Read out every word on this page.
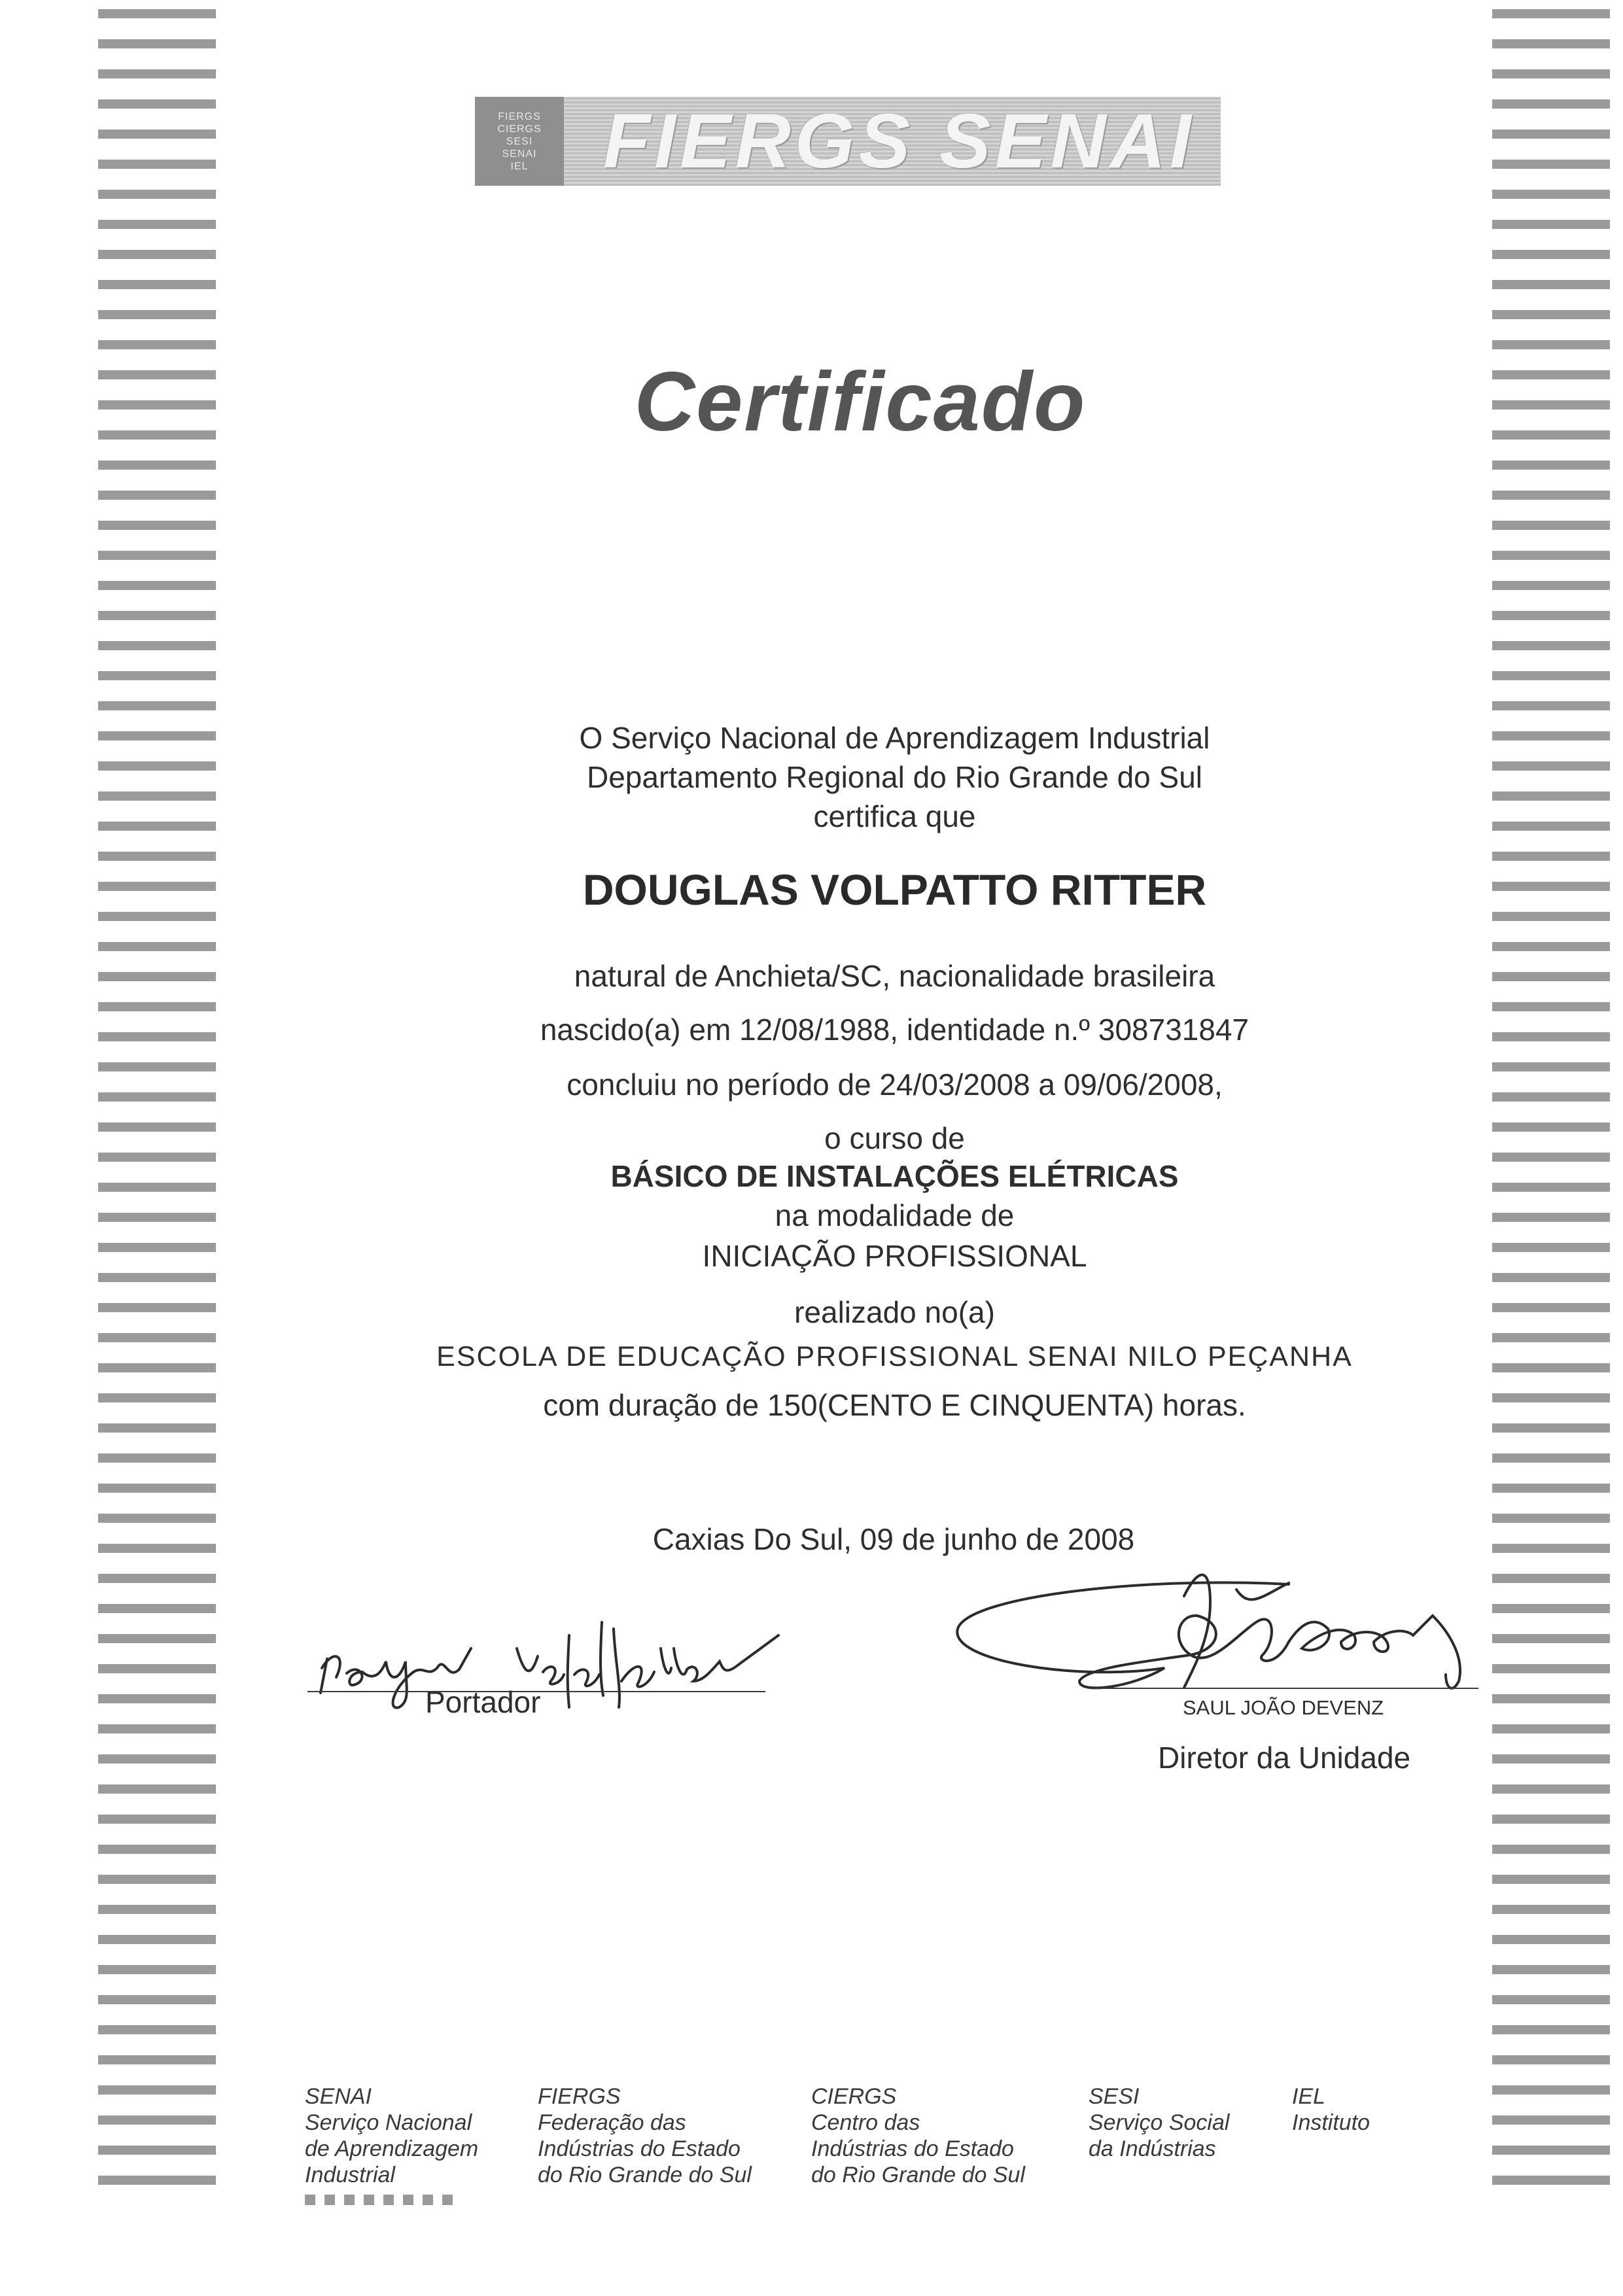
FIERGS
CIERGS
SESI
SENAI
IEL FIERGS SENAI
Certificado
O Serviço Nacional de Aprendizagem Industrial
Departamento Regional do Rio Grande do Sul
certifica que
DOUGLAS VOLPATTO RITTER
natural de Anchieta/SC, nacionalidade brasileira
nascido(a) em 12/08/1988, identidade n.º 308731847
concluiu no período de 24/03/2008 a 09/06/2008,
o curso de
BÁSICO DE INSTALAÇÕES ELÉTRICAS
na modalidade de
INICIAÇÃO PROFISSIONAL
realizado no(a)
ESCOLA DE EDUCAÇÃO PROFISSIONAL SENAI NILO PEÇANHA
com duração de 150(CENTO E CINQUENTA) horas.
Caxias Do Sul, 09 de junho de 2008
Portador	SAUL JOÃO DEVENZ
Diretor da Unidade
SENAI
Serviço Nacional
de Aprendizagem
Industrial
FIERGS
Federação das
Indústrias do Estado
do Rio Grande do Sul
CIERGS
Centro das
Indústrias do Estado
do Rio Grande do Sul
SESI
Serviço Social
da Indústrias
IEL
Instituto
